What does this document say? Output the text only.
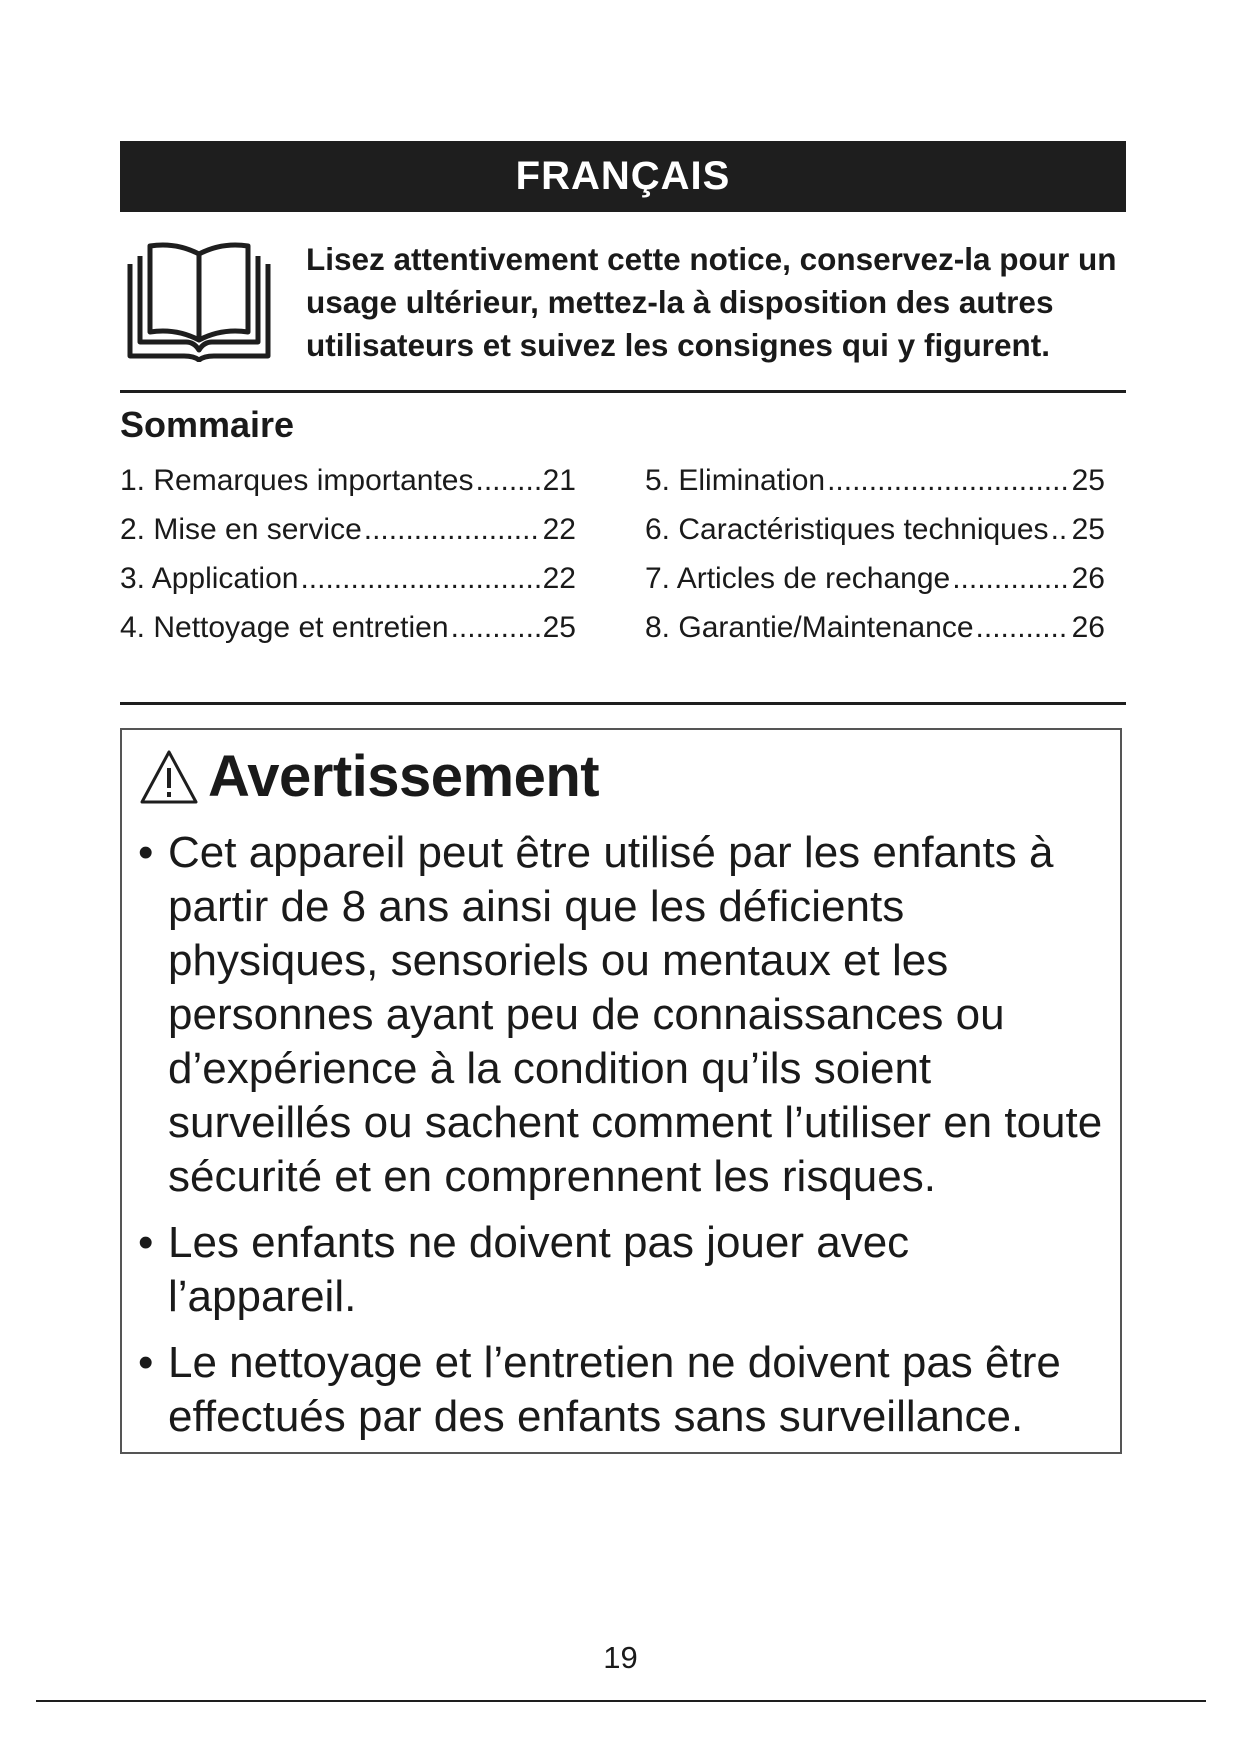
FRANÇAIS
Lisez attentivement cette notice, conservez-la pour un usage ultérieur, mettez-la à disposition des autres utilisateurs et suivez les consignes qui y figurent.
Sommaire
1. Remarques importantes ..... 21
2. Mise en service .....	22
3. Application .....	22
4. Nettoyage et entretien .....	25
5. Elimination .....	25
6. Caractéristiques techniques ..... 25
7. Articles de rechange .....	26
8. Garantie/Maintenance .....	26
Avertissement
• Cet appareil peut être utilisé par les enfants à partir de 8 ans ainsi que les déficients physiques, sensoriels ou mentaux et les personnes ayant peu de connaissances ou d’expérience à la condition qu’ils soient surveillés ou sachent comment l’utiliser en toute sécurité et en comprennent les risques.
• Les enfants ne doivent pas jouer avec l’appareil.
• Le nettoyage et l’entretien ne doivent pas être effectués par des enfants sans surveillance.
19
